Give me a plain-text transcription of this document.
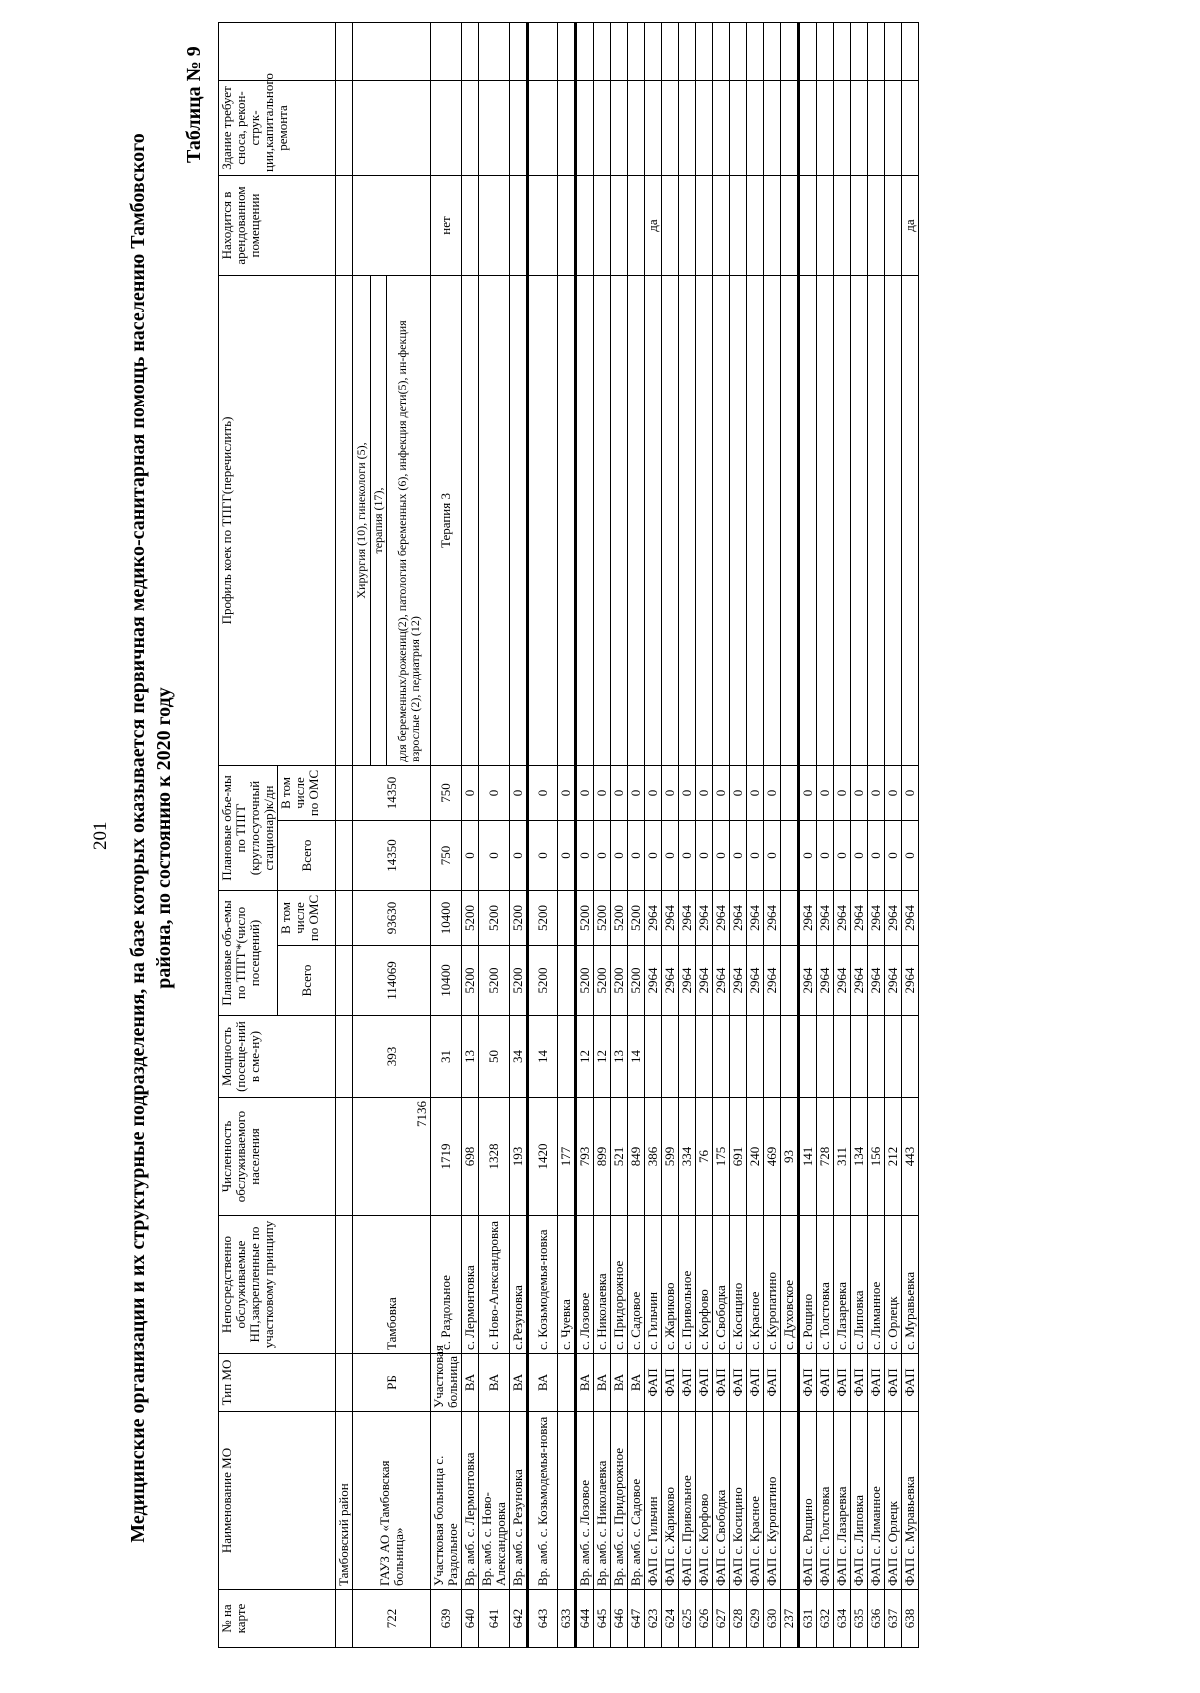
201 Медицинские организации и их структурные подразделения, на базе которых оказывается первичная медико-санитарная помощь населению Тамбовского района, по состоянию к 2020 году
Таблица № 9
№ на карте	Наименование МО	Тип МО	Непосредственно обслуживаемые НП,закрепленные по участковому принципу	Численность обслуживаемого населения	Мощность (посеще-ний в сме-ну)	Плановые объ-емы по ТПГГ*(число посещений)		Плановые объе-мы по ТПГГ (круглосуточный стационар)к/дн		Профиль коек по ТПГГ(перечислить)	Находится в арендованном помещении	Здание требует сноса, рекон-струк-ции,капитального ремонта	
						Всего	В том числе по ОМС	Всего	В том числе по ОМС				
	Тамбовский район												
722	ГАУЗ АО «Тамбовская больница»	РБ	Тамбовка	7136	393	114069	93630	14350	14350	Хирургия (10), гинекологи (5),			
										терапия (17),			
										для беременных/рожениц(2), патологии беременных (6), инфекция дети(5), ин-фекция взрослые (2), педиатрия (12)			
639	Участковая больница с. Раздольное	Участковая больница	с. Раздольное	1719	31	10400	10400	750	750	Терапия 3	нет		
640	Вр. амб. с. Лермонтовка	ВА	с. Лермонтовка	698	13	5200	5200	0	0				
641	Вр. амб. с. Ново-Александровка	ВА	с. Ново-Александровка	1328	50	5200	5200	0	0				
642	Вр. амб. с. Резуновка	ВА	с.Резуновка	193	34	5200	5200	0	0				
643	Вр. амб. с. Козьмодемья-новка	ВА	с. Козьмодемья-новка	1420	14	5200	5200	0	0				
633			с. Чуевка	177				0	0				
644	Вр. амб. с. Лозовое	ВА	с. Лозовое	793	12	5200	5200	0	0				
645	Вр. амб. с. Николаевка	ВА	с. Николаевка	899	12	5200	5200	0	0				
646	Вр. амб. с. Придорожное	ВА	с. Придорожное	521	13	5200	5200	0	0				
647	Вр. амб. с. Садовое	ВА	с. Садовое	849	14	5200	5200	0	0				
623	ФАП с. Гильчин	ФАП	с. Гильчин	386		2964	2964	0	0		да		
624	ФАП с. Жариково	ФАП	с. Жариково	599		2964	2964	0	0				
625	ФАП с. Привольное	ФАП	с. Привольное	334		2964	2964	0	0				
626	ФАП с. Корфово	ФАП	с. Корфово	76		2964	2964	0	0				
627	ФАП с. Свободка	ФАП	с. Свободка	175		2964	2964	0	0				
628	ФАП с. Косицино	ФАП	с. Косицино	691		2964	2964	0	0				
629	ФАП с. Красное	ФАП	с. Красное	240		2964	2964	0	0				
630	ФАП с. Куропатино	ФАП	с. Куропатино	469		2964	2964	0	0				
237			с. Духовское	93									
631	ФАП с. Рощино	ФАП	с. Рощино	141		2964	2964	0	0				
632	ФАП с. Толстовка	ФАП	с. Толстовка	728		2964	2964	0	0				
634	ФАП с. Лазаревка	ФАП	с. Лазаревка	311		2964	2964	0	0				
635	ФАП с. Липовка	ФАП	с. Липовка	134		2964	2964	0	0				
636	ФАП с. Лиманное	ФАП	с. Лиманное	156		2964	2964	0	0				
637	ФАП с. Орлецк	ФАП	с. Орлецк	212		2964	2964	0	0				
638	ФАП с. Муравьевка	ФАП	с. Муравьевка	443		2964	2964	0	0		да		
